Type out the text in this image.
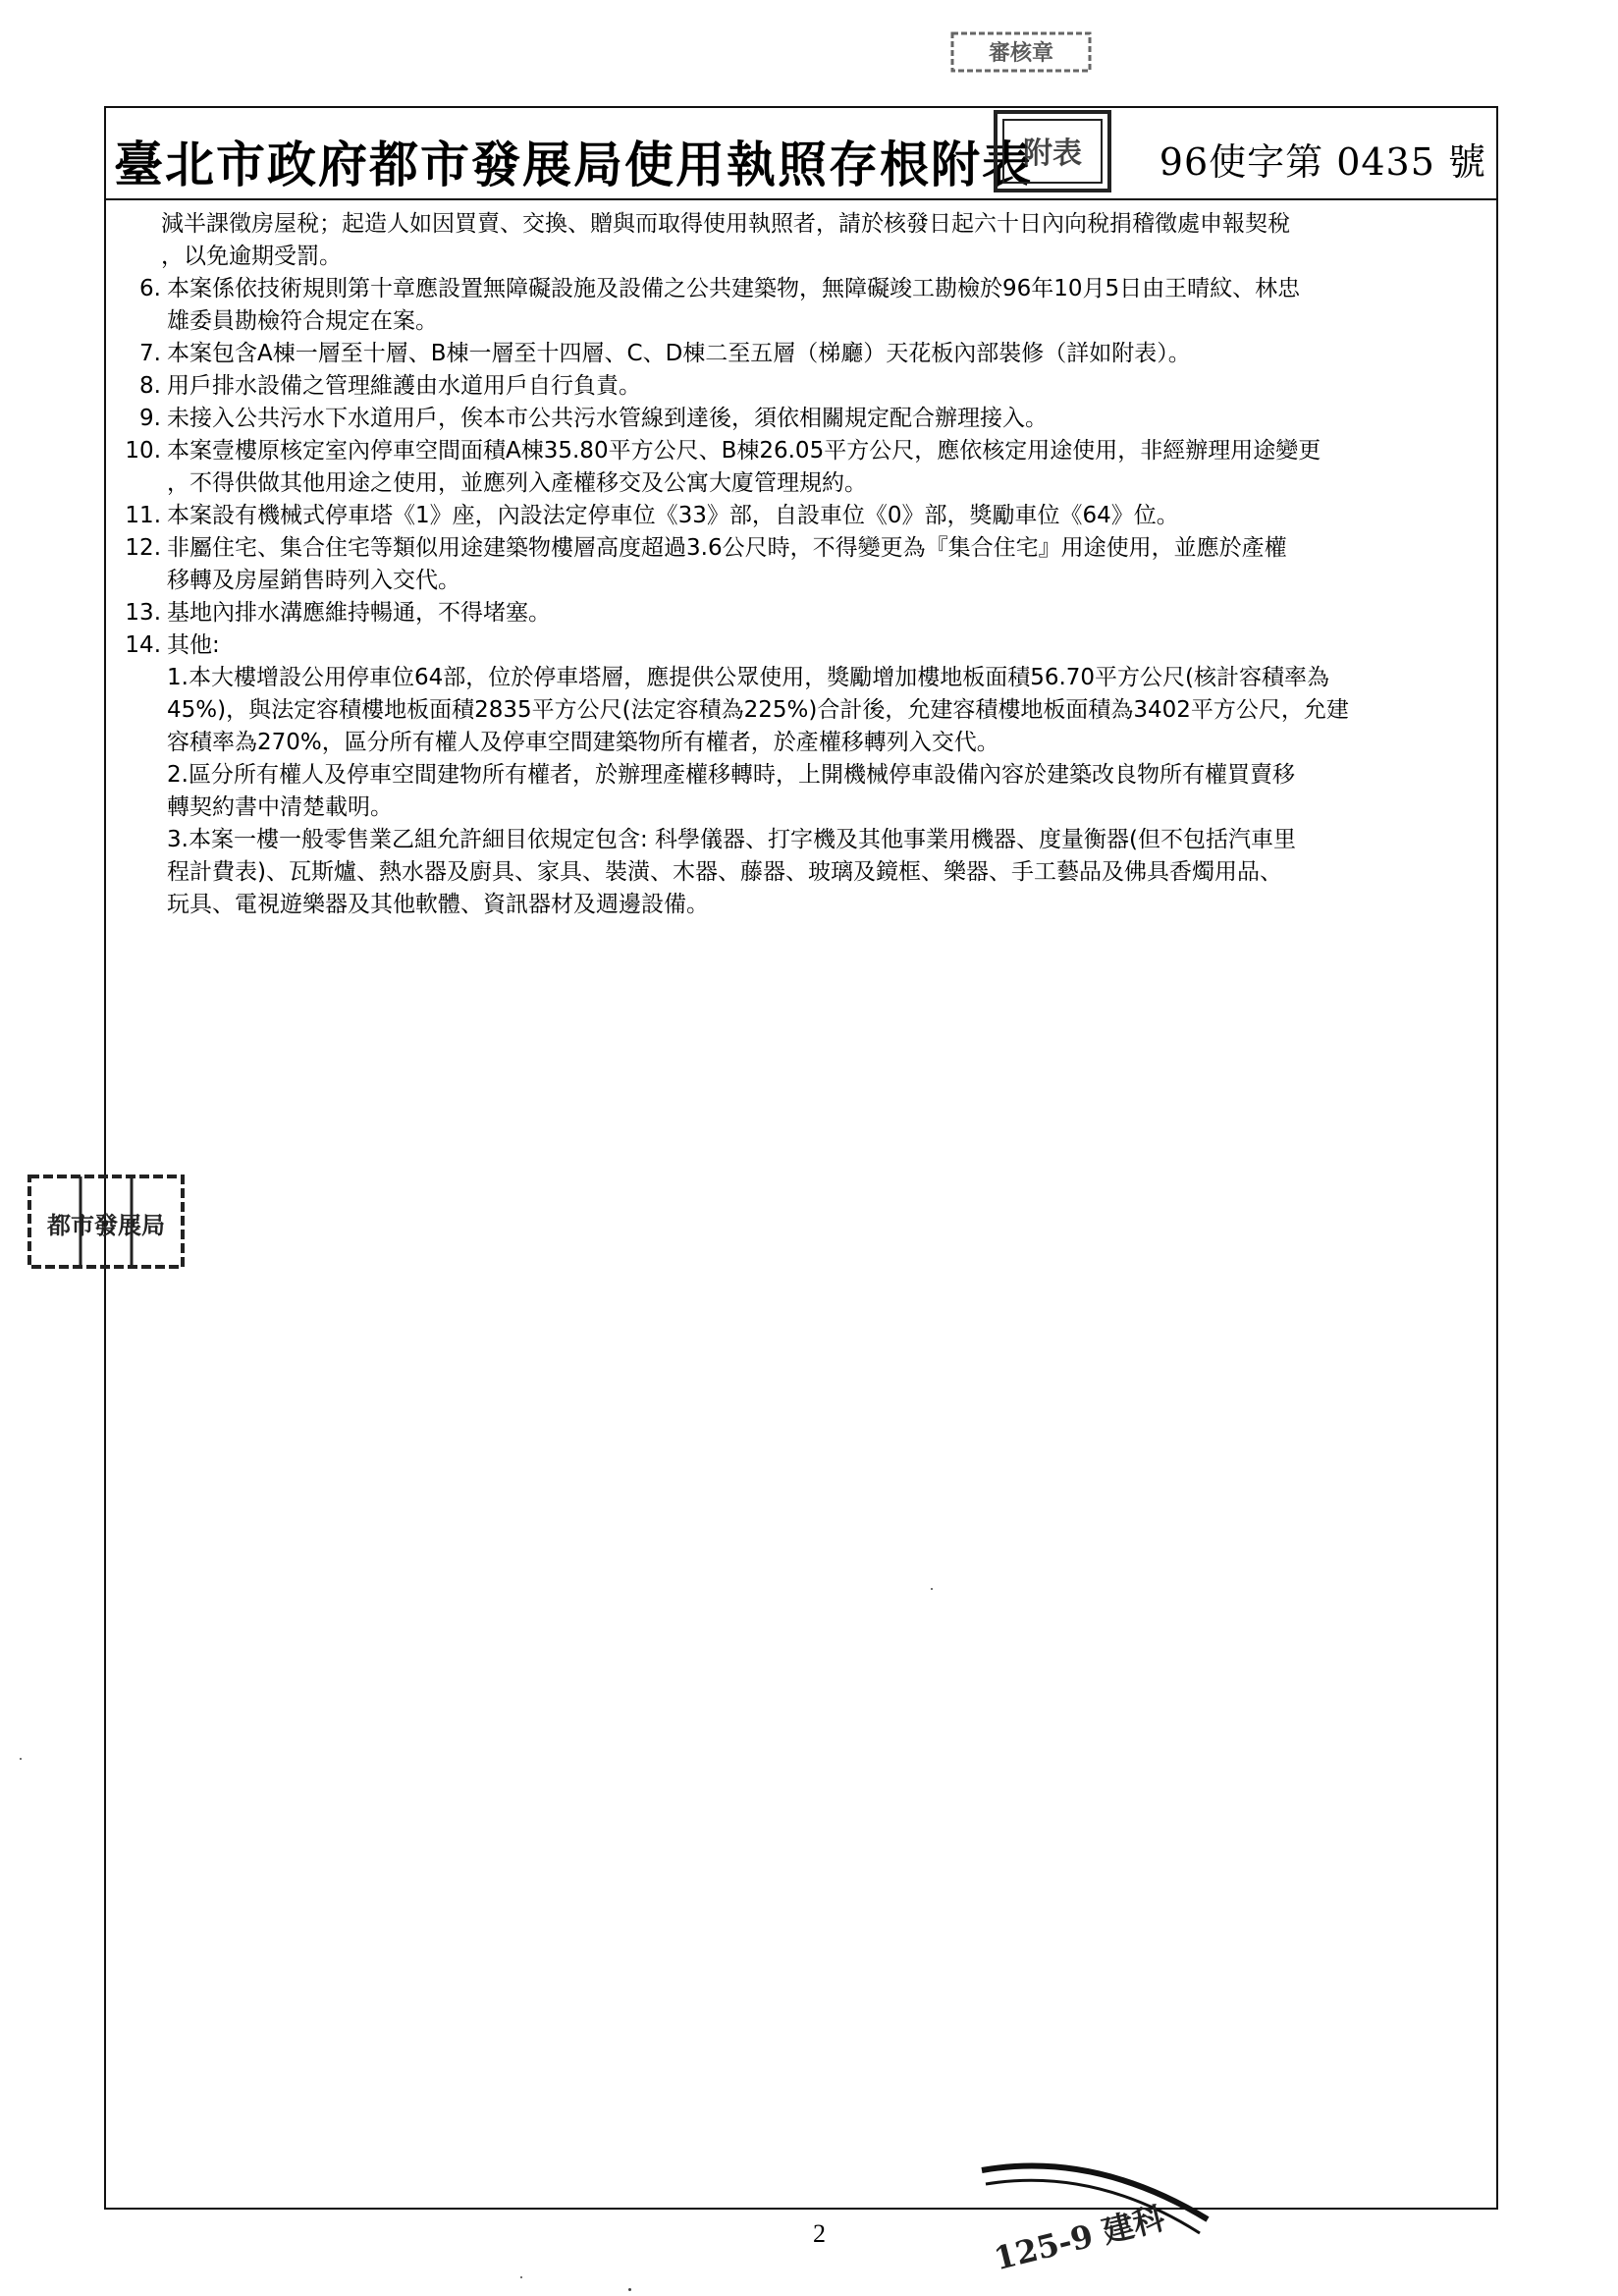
臺北市政府都市發展局使用執照存根附表	96使字第 0435 號
審核章
附表
都市發展局
125-9 建科
減半課徵房屋稅；起造人如因買賣、交換、贈與而取得使用執照者，請於核發日起六十日內向稅捐稽徵處申報契稅
，以免逾期受罰。
6. 本案係依技術規則第十章應設置無障礙設施及設備之公共建築物，無障礙竣工勘檢於96年10月5日由王晴紋、林忠
雄委員勘檢符合規定在案。
7. 本案包含A棟一層至十層、B棟一層至十四層、C、D棟二至五層（梯廳）天花板內部裝修（詳如附表）。
8. 用戶排水設備之管理維護由水道用戶自行負責。
9. 未接入公共污水下水道用戶，俟本市公共污水管線到達後，須依相關規定配合辦理接入。
10. 本案壹樓原核定室內停車空間面積A棟35.80平方公尺、B棟26.05平方公尺，應依核定用途使用，非經辦理用途變更
，不得供做其他用途之使用，並應列入產權移交及公寓大廈管理規約。
11. 本案設有機械式停車塔《1》座，內設法定停車位《33》部，自設車位《0》部，獎勵車位《64》位。
12. 非屬住宅、集合住宅等類似用途建築物樓層高度超過3.6公尺時，不得變更為『集合住宅』用途使用，並應於產權
移轉及房屋銷售時列入交代。
13. 基地內排水溝應維持暢通，不得堵塞。
14. 其他:
1.本大樓增設公用停車位64部，位於停車塔層，應提供公眾使用，獎勵增加樓地板面積56.70平方公尺(核計容積率為
45%)，與法定容積樓地板面積2835平方公尺(法定容積為225%)合計後，允建容積樓地板面積為3402平方公尺，允建
容積率為270%，區分所有權人及停車空間建築物所有權者，於產權移轉列入交代。
2.區分所有權人及停車空間建物所有權者，於辦理產權移轉時，上開機械停車設備內容於建築改良物所有權買賣移
轉契約書中清楚載明。
3.本案一樓一般零售業乙組允許細目依規定包含: 科學儀器、打字機及其他事業用機器、度量衡器(但不包括汽車里
程計費表)、瓦斯爐、熱水器及廚具、家具、裝潢、木器、藤器、玻璃及鏡框、樂器、手工藝品及佛具香燭用品、
玩具、電視遊樂器及其他軟體、資訊器材及週邊設備。
2
